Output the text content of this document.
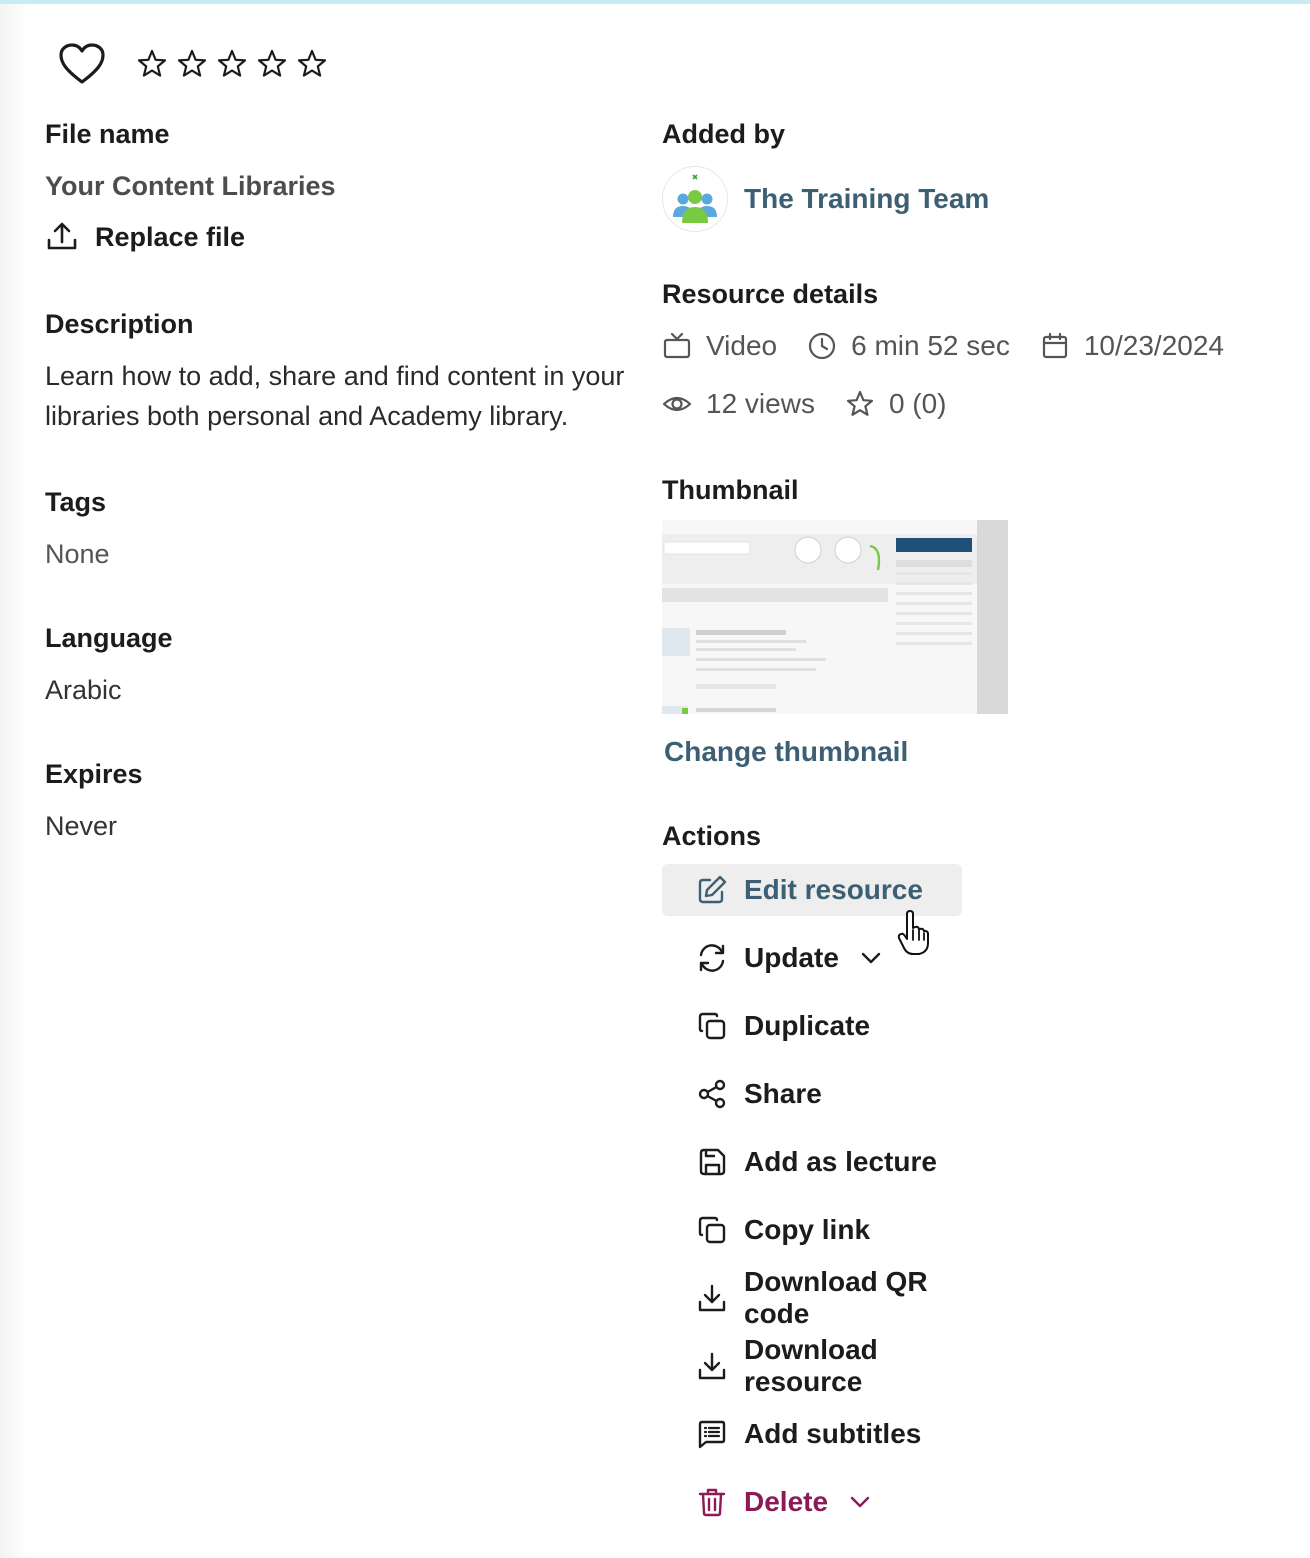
File name
Your Content Libraries
Replace file
Description
Learn how to add, share and find content in your libraries both personal and Academy library.
Tags
None
Language
Arabic
Expires
Never
Added by
The Training Team
Resource details
Video	6 min 52 sec	10/23/2024
12 views	0 (0)
Thumbnail
Change thumbnail
Actions
Edit resource
Update
Duplicate
Share
Add as lecture
Copy link
Download QR code
Download resource
Add subtitles
Delete
